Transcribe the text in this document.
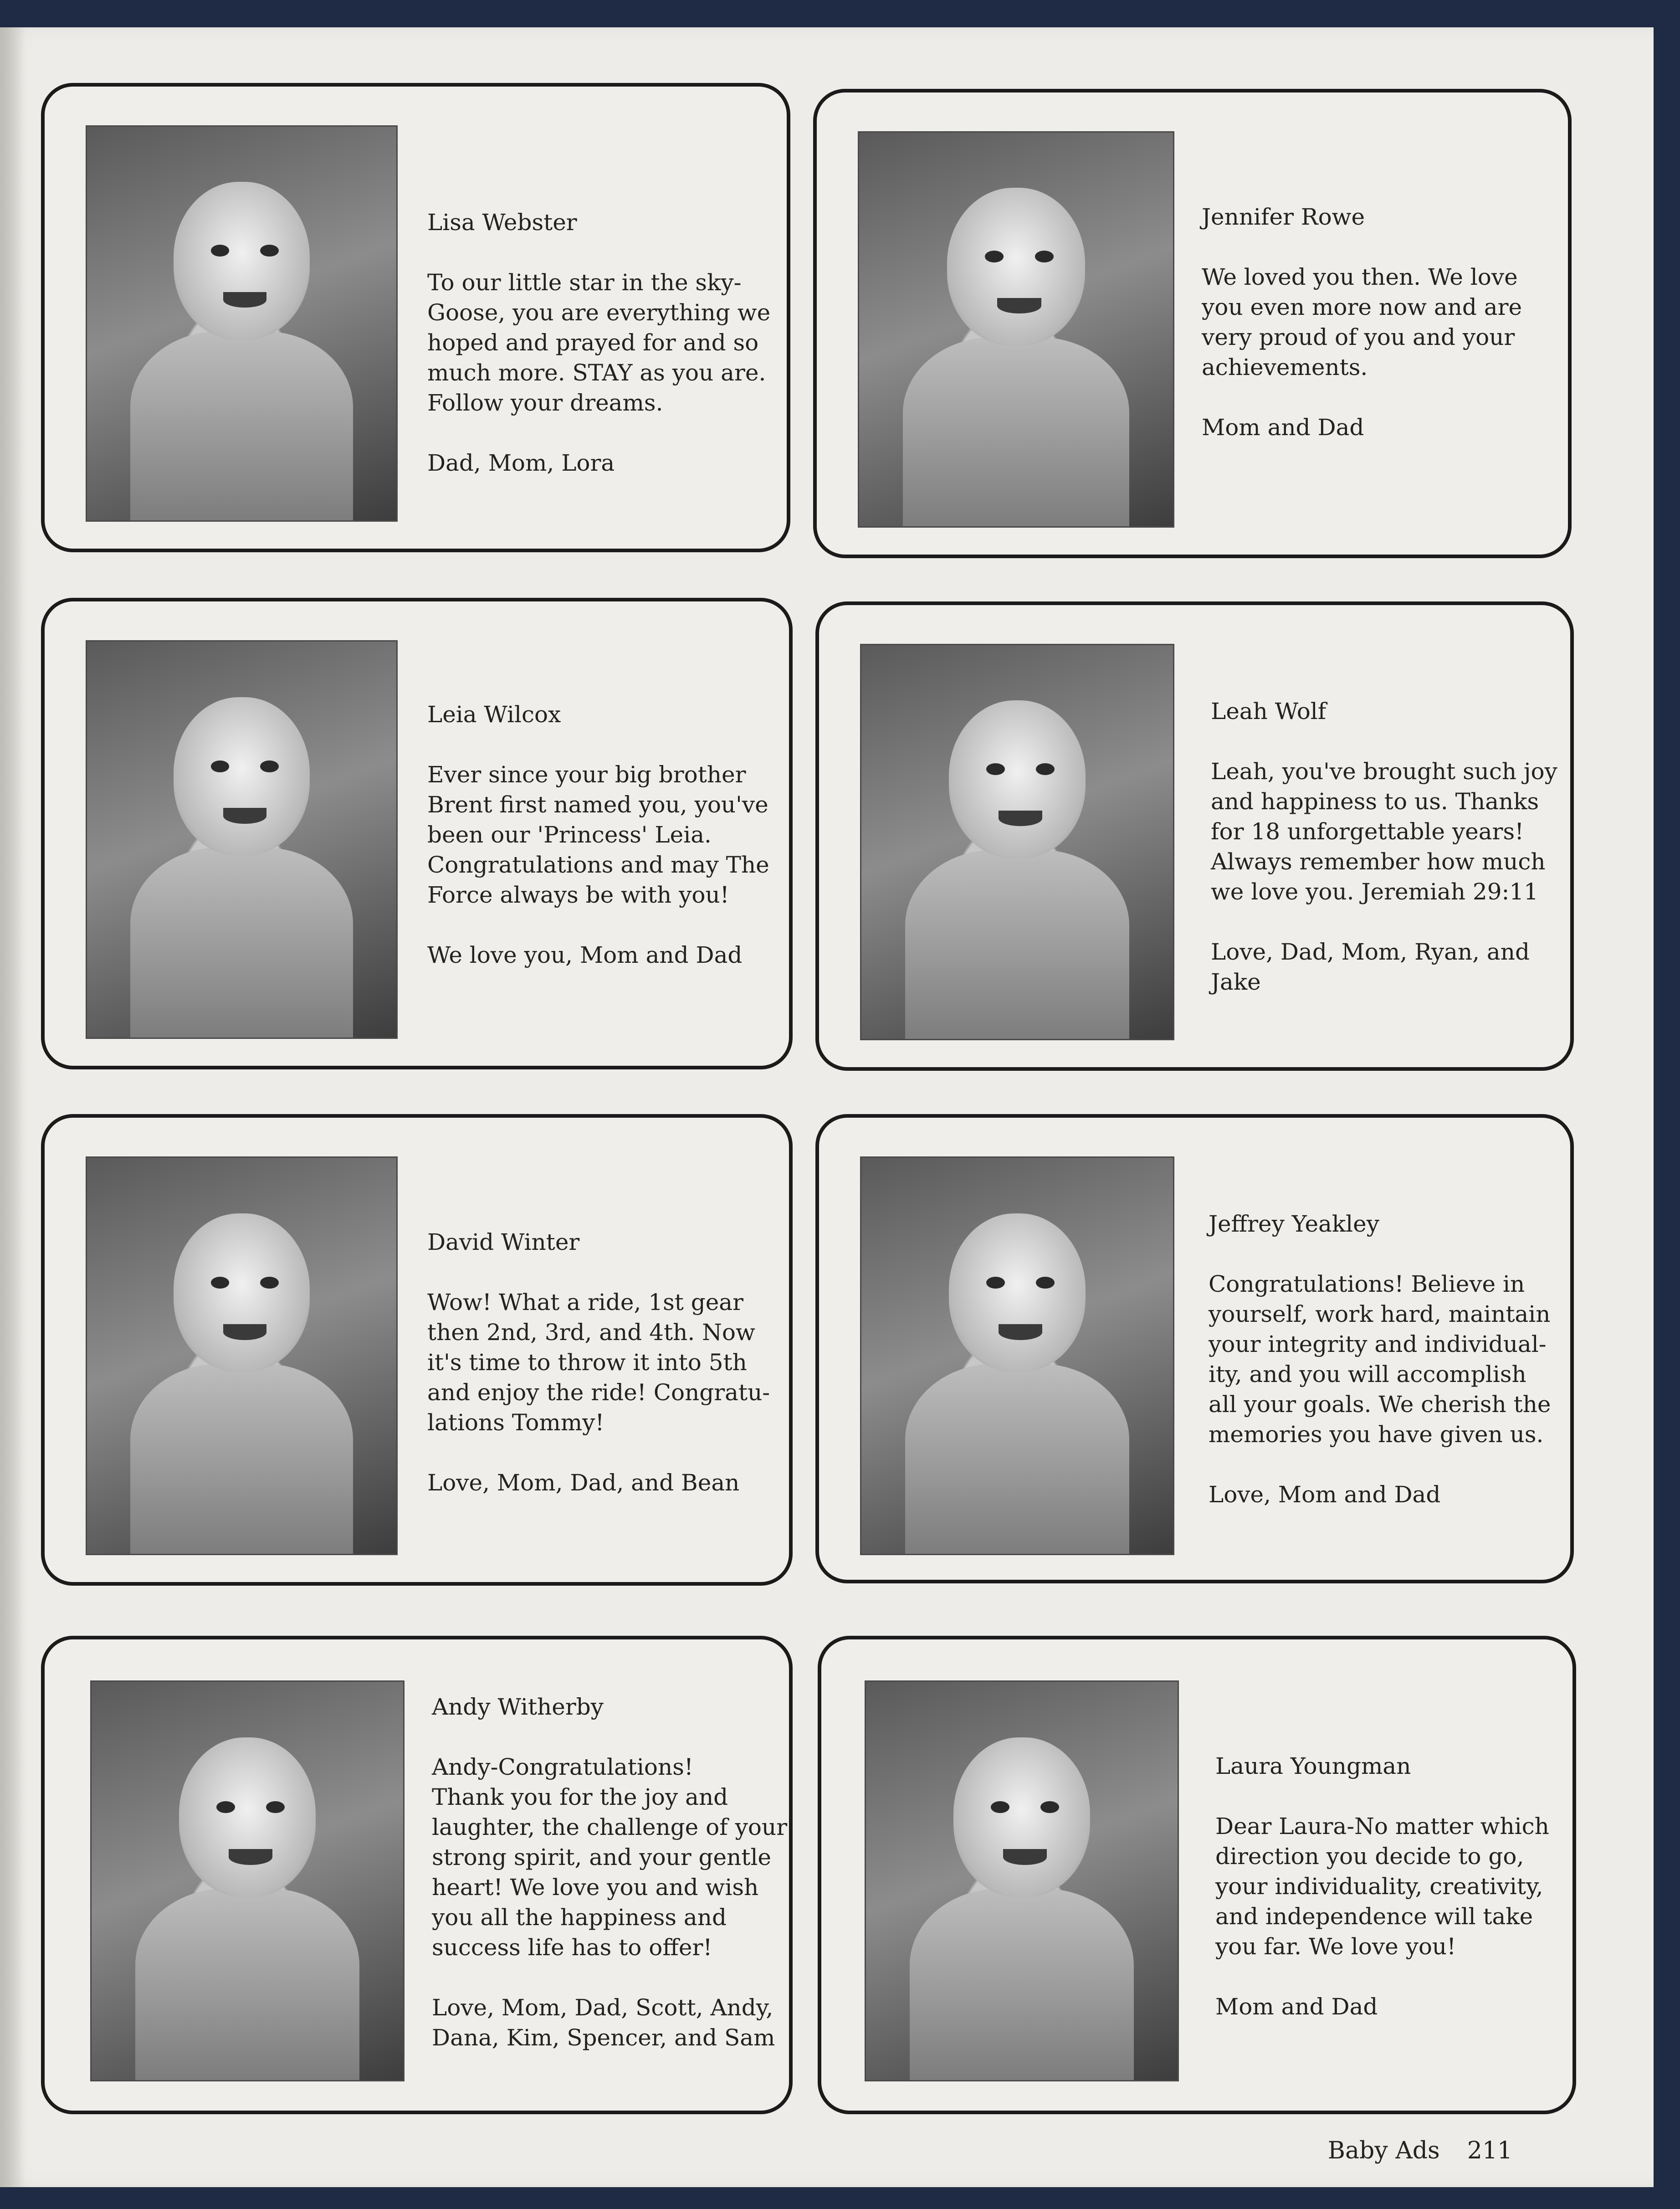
Lisa Webster
To our little star in the sky-
Goose, you are everything we
hoped and prayed for and so
much more. STAY as you are.
Follow your dreams.
Dad, Mom, Lora
Jennifer Rowe
We loved you then. We love
you even more now and are
very proud of you and your
achievements.
Mom and Dad
Leia Wilcox
Ever since your big brother
Brent first named you, you've
been our 'Princess' Leia.
Congratulations and may The
Force always be with you!
We love you, Mom and Dad
Leah Wolf
Leah, you've brought such joy
and happiness to us. Thanks
for 18 unforgettable years!
Always remember how much
we love you. Jeremiah 29:11
Love, Dad, Mom, Ryan, and
Jake
David Winter
Wow! What a ride, 1st gear
then 2nd, 3rd, and 4th. Now
it's time to throw it into 5th
and enjoy the ride! Congratu-
lations Tommy!
Love, Mom, Dad, and Bean
Jeffrey Yeakley
Congratulations! Believe in
yourself, work hard, maintain
your integrity and individual-
ity, and you will accomplish
all your goals. We cherish the
memories you have given us.
Love, Mom and Dad
Andy Witherby
Andy-Congratulations!
Thank you for the joy and
laughter, the challenge of your
strong spirit, and your gentle
heart! We love you and wish
you all the happiness and
success life has to offer!
Love, Mom, Dad, Scott, Andy,
Dana, Kim, Spencer, and Sam
Laura Youngman
Dear Laura-No matter which
direction you decide to go,
your individuality, creativity,
and independence will take
you far. We love you!
Mom and Dad
Baby Ads 211
